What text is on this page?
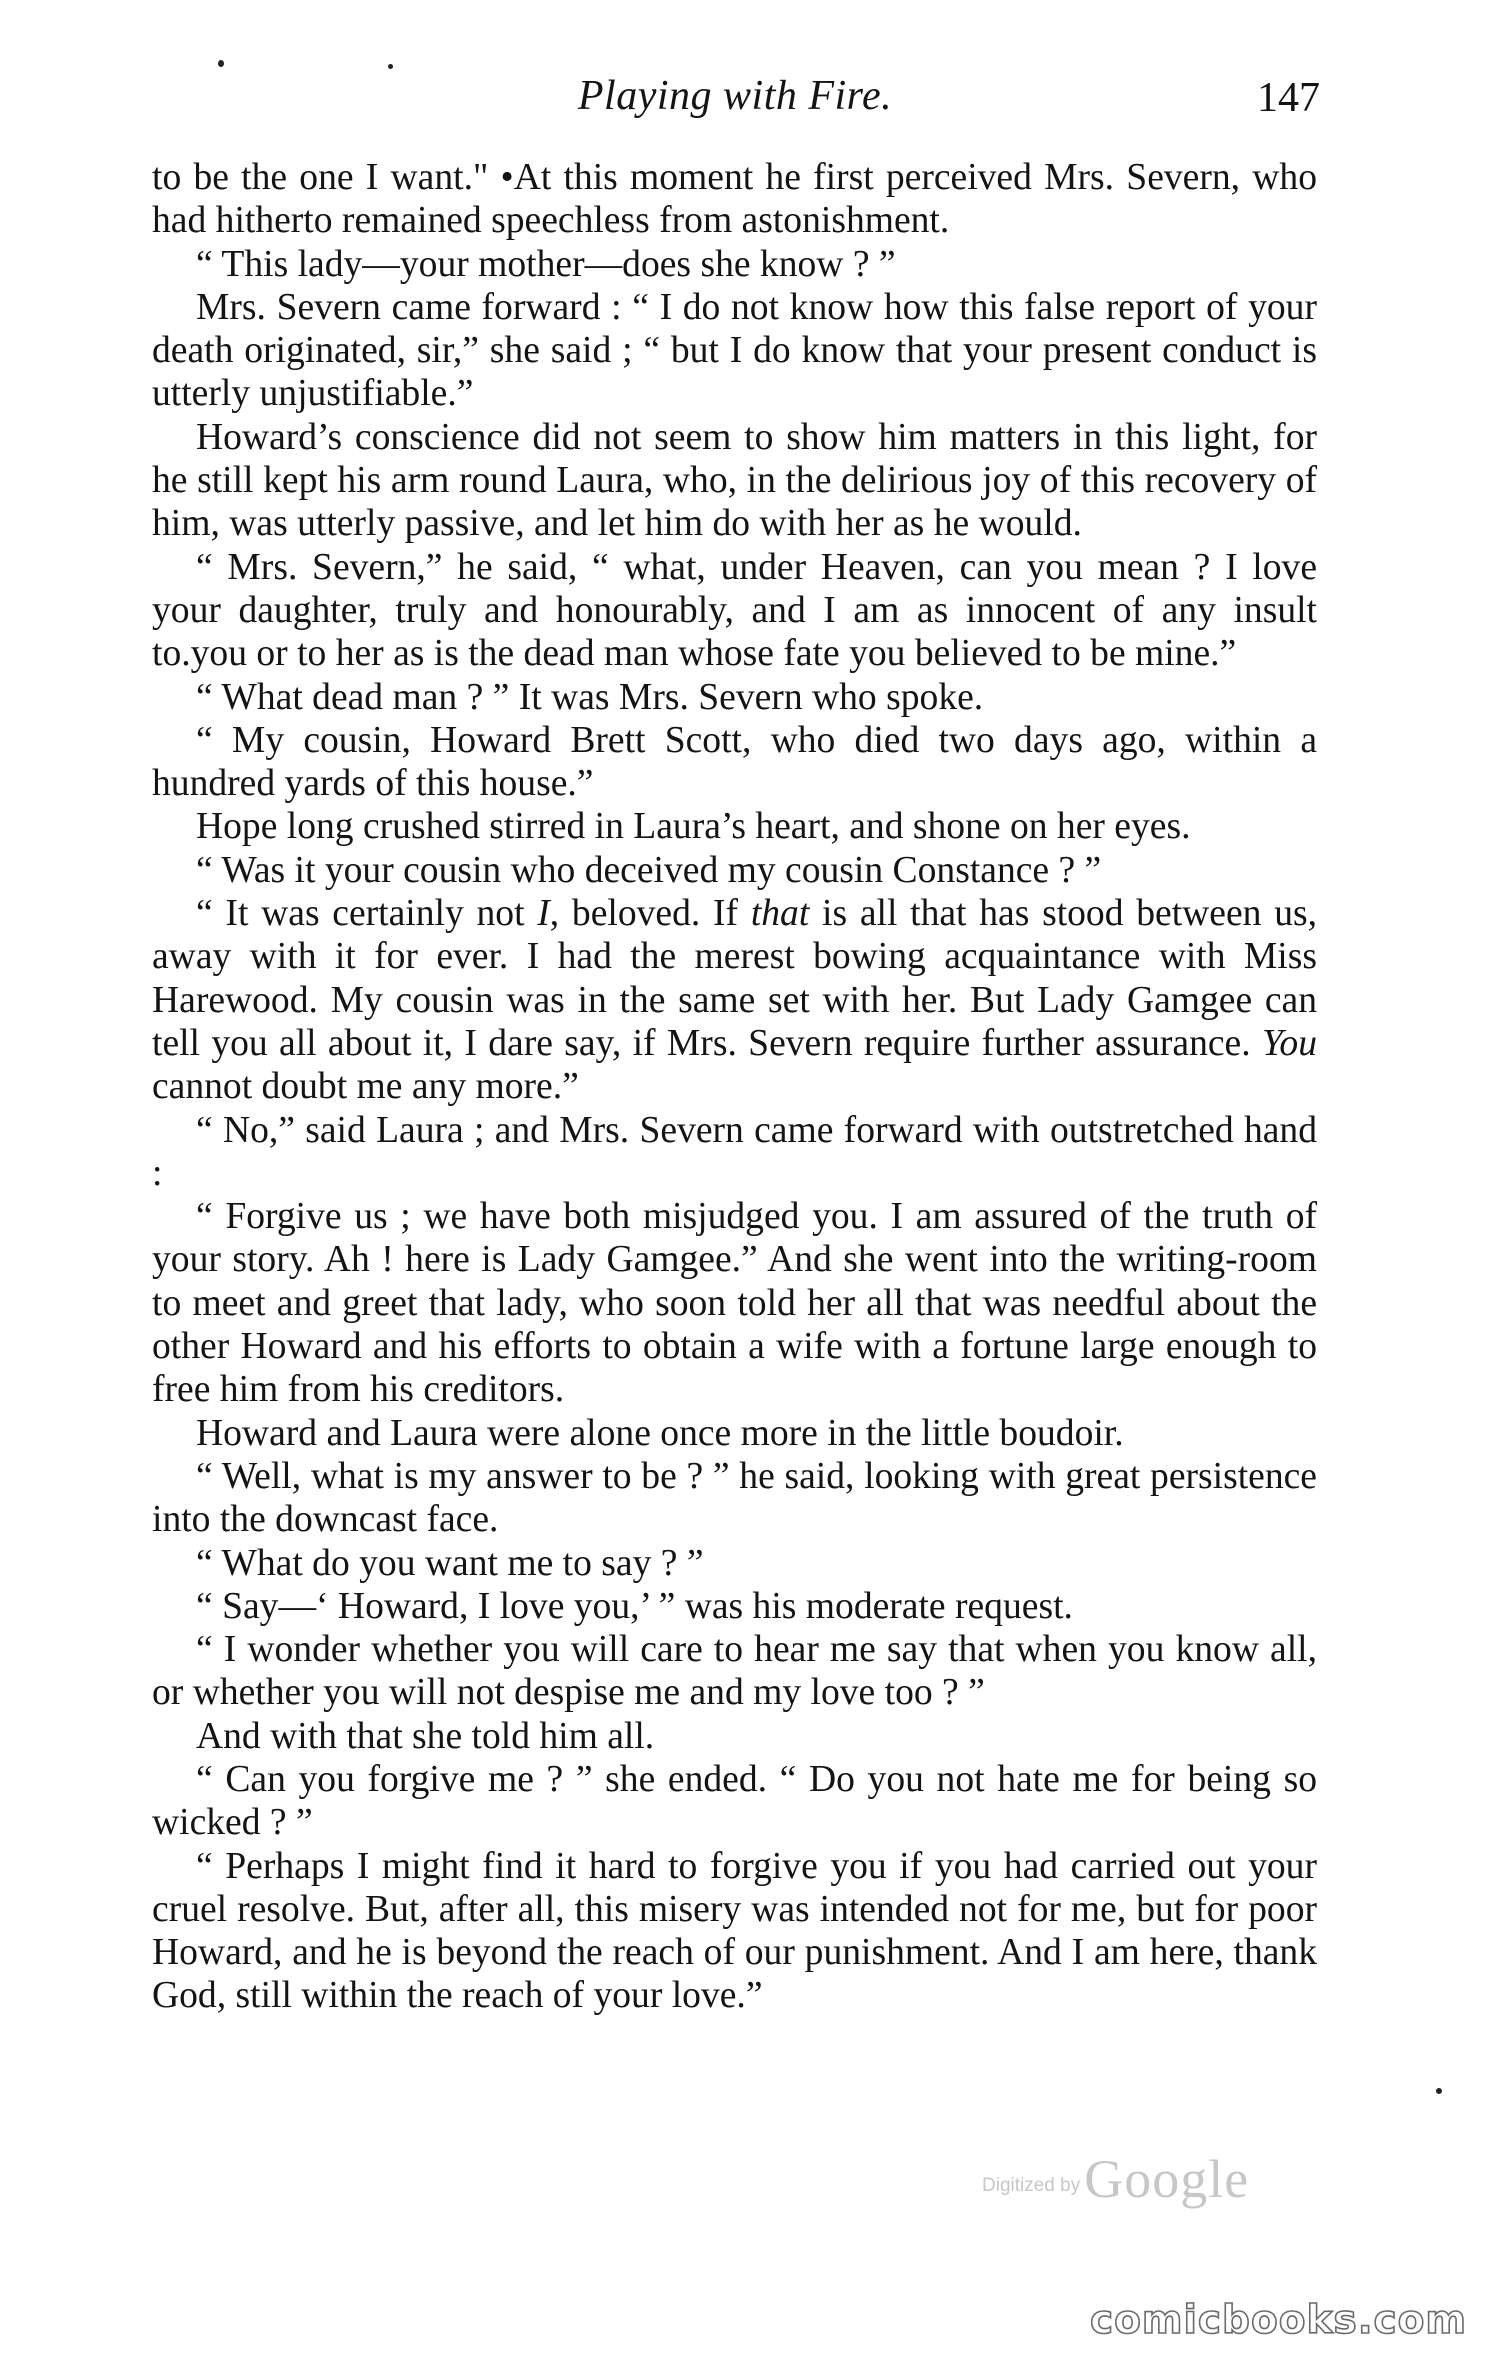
Playing with Fire.	147

to be the one I want." •At this moment he first perceived Mrs. Severn, who had hitherto remained speechless from astonishment.

“ This lady—your mother—does she know ? ”

Mrs. Severn came forward : “ I do not know how this false report of your death originated, sir,” she said ; “ but I do know that your present conduct is utterly unjustifiable.”

Howard’s conscience did not seem to show him matters in this light, for he still kept his arm round Laura, who, in the delirious joy of this recovery of him, was utterly passive, and let him do with her as he would.

“ Mrs. Severn,” he said, “ what, under Heaven, can you mean ? I love your daughter, truly and honourably, and I am as innocent of any insult to.you or to her as is the dead man whose fate you believed to be mine.”

“ What dead man ? ” It was Mrs. Severn who spoke.

“ My cousin, Howard Brett Scott, who died two days ago, within a hundred yards of this house.”

Hope long crushed stirred in Laura’s heart, and shone on her eyes.

“ Was it your cousin who deceived my cousin Constance ? ”

“ It was certainly not I, beloved. If that is all that has stood between us, away with it for ever. I had the merest bowing acquaintance with Miss Harewood. My cousin was in the same set with her. But Lady Gamgee can tell you all about it, I dare say, if Mrs. Severn require further assurance. You cannot doubt me any more.”

“ No,” said Laura ; and Mrs. Severn came forward with outstretched hand :

“ Forgive us ; we have both misjudged you. I am assured of the truth of your story. Ah ! here is Lady Gamgee.” And she went into the writing-room to meet and greet that lady, who soon told her all that was needful about the other Howard and his efforts to obtain a wife with a fortune large enough to free him from his creditors.

Howard and Laura were alone once more in the little boudoir.

“ Well, what is my answer to be ? ” he said, looking with great persistence into the downcast face.

“ What do you want me to say ? ”

“ Say—‘ Howard, I love you,’ ” was his moderate request.

“ I wonder whether you will care to hear me say that when you know all, or whether you will not despise me and my love too ? ”

And with that she told him all.

“ Can you forgive me ? ” she ended. “ Do you not hate me for being so wicked ? ”

“ Perhaps I might find it hard to forgive you if you had carried out your cruel resolve. But, after all, this misery was intended not for me, but for poor Howard, and he is beyond the reach of our punishment. And I am here, thank God, still within the reach of your love.”

Digitized by Google
comicbooks.com
